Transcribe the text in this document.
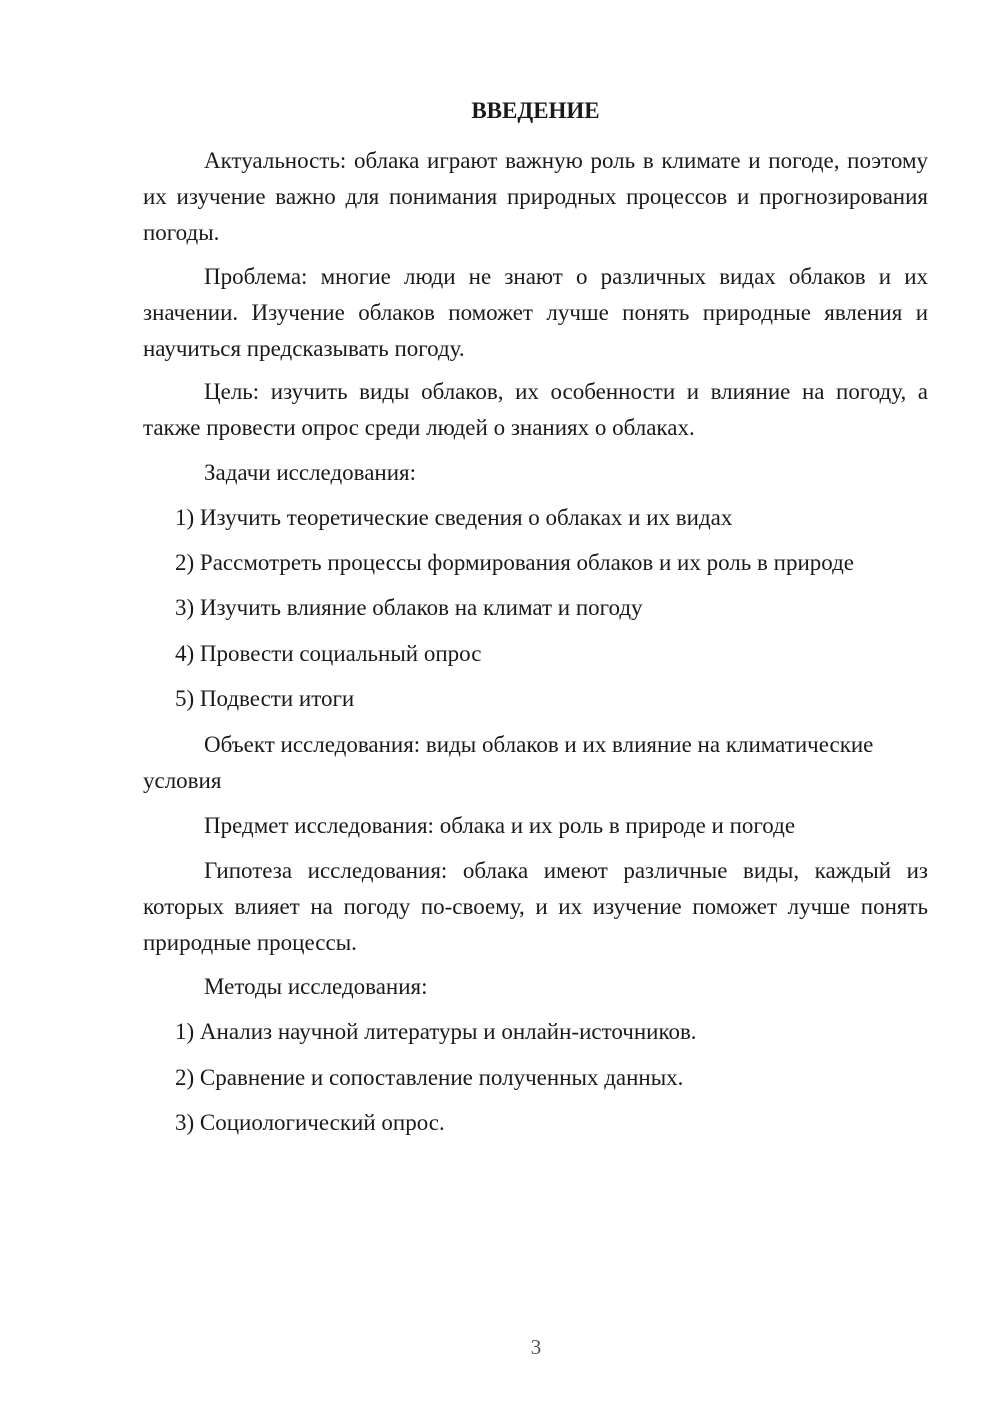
ВВЕДЕНИЕ

Актуальность: облака играют важную роль в климате и погоде, поэтому их изучение важно для понимания природных процессов и прогнозирования погоды.

Проблема: многие люди не знают о различных видах облаков и их значении. Изучение облаков поможет лучше понять природные явления и научиться предсказывать погоду.

Цель: изучить виды облаков, их особенности и влияние на погоду, а также провести опрос среди людей о знаниях о облаках.

Задачи исследования:

1) Изучить теоретические сведения о облаках и их видах

2) Рассмотреть процессы формирования облаков и их роль в природе

3) Изучить влияние облаков на климат и погоду

4) Провести социальный опрос

5) Подвести итоги

Объект исследования: виды облаков и их влияние на климатические условия

Предмет исследования: облака и их роль в природе и погоде

Гипотеза исследования: облака имеют различные виды, каждый из которых влияет на погоду по-своему, и их изучение поможет лучше понять природные процессы.

Методы исследования:

1) Анализ научной литературы и онлайн-источников.

2) Сравнение и сопоставление полученных данных.

3) Социологический опрос.

3
